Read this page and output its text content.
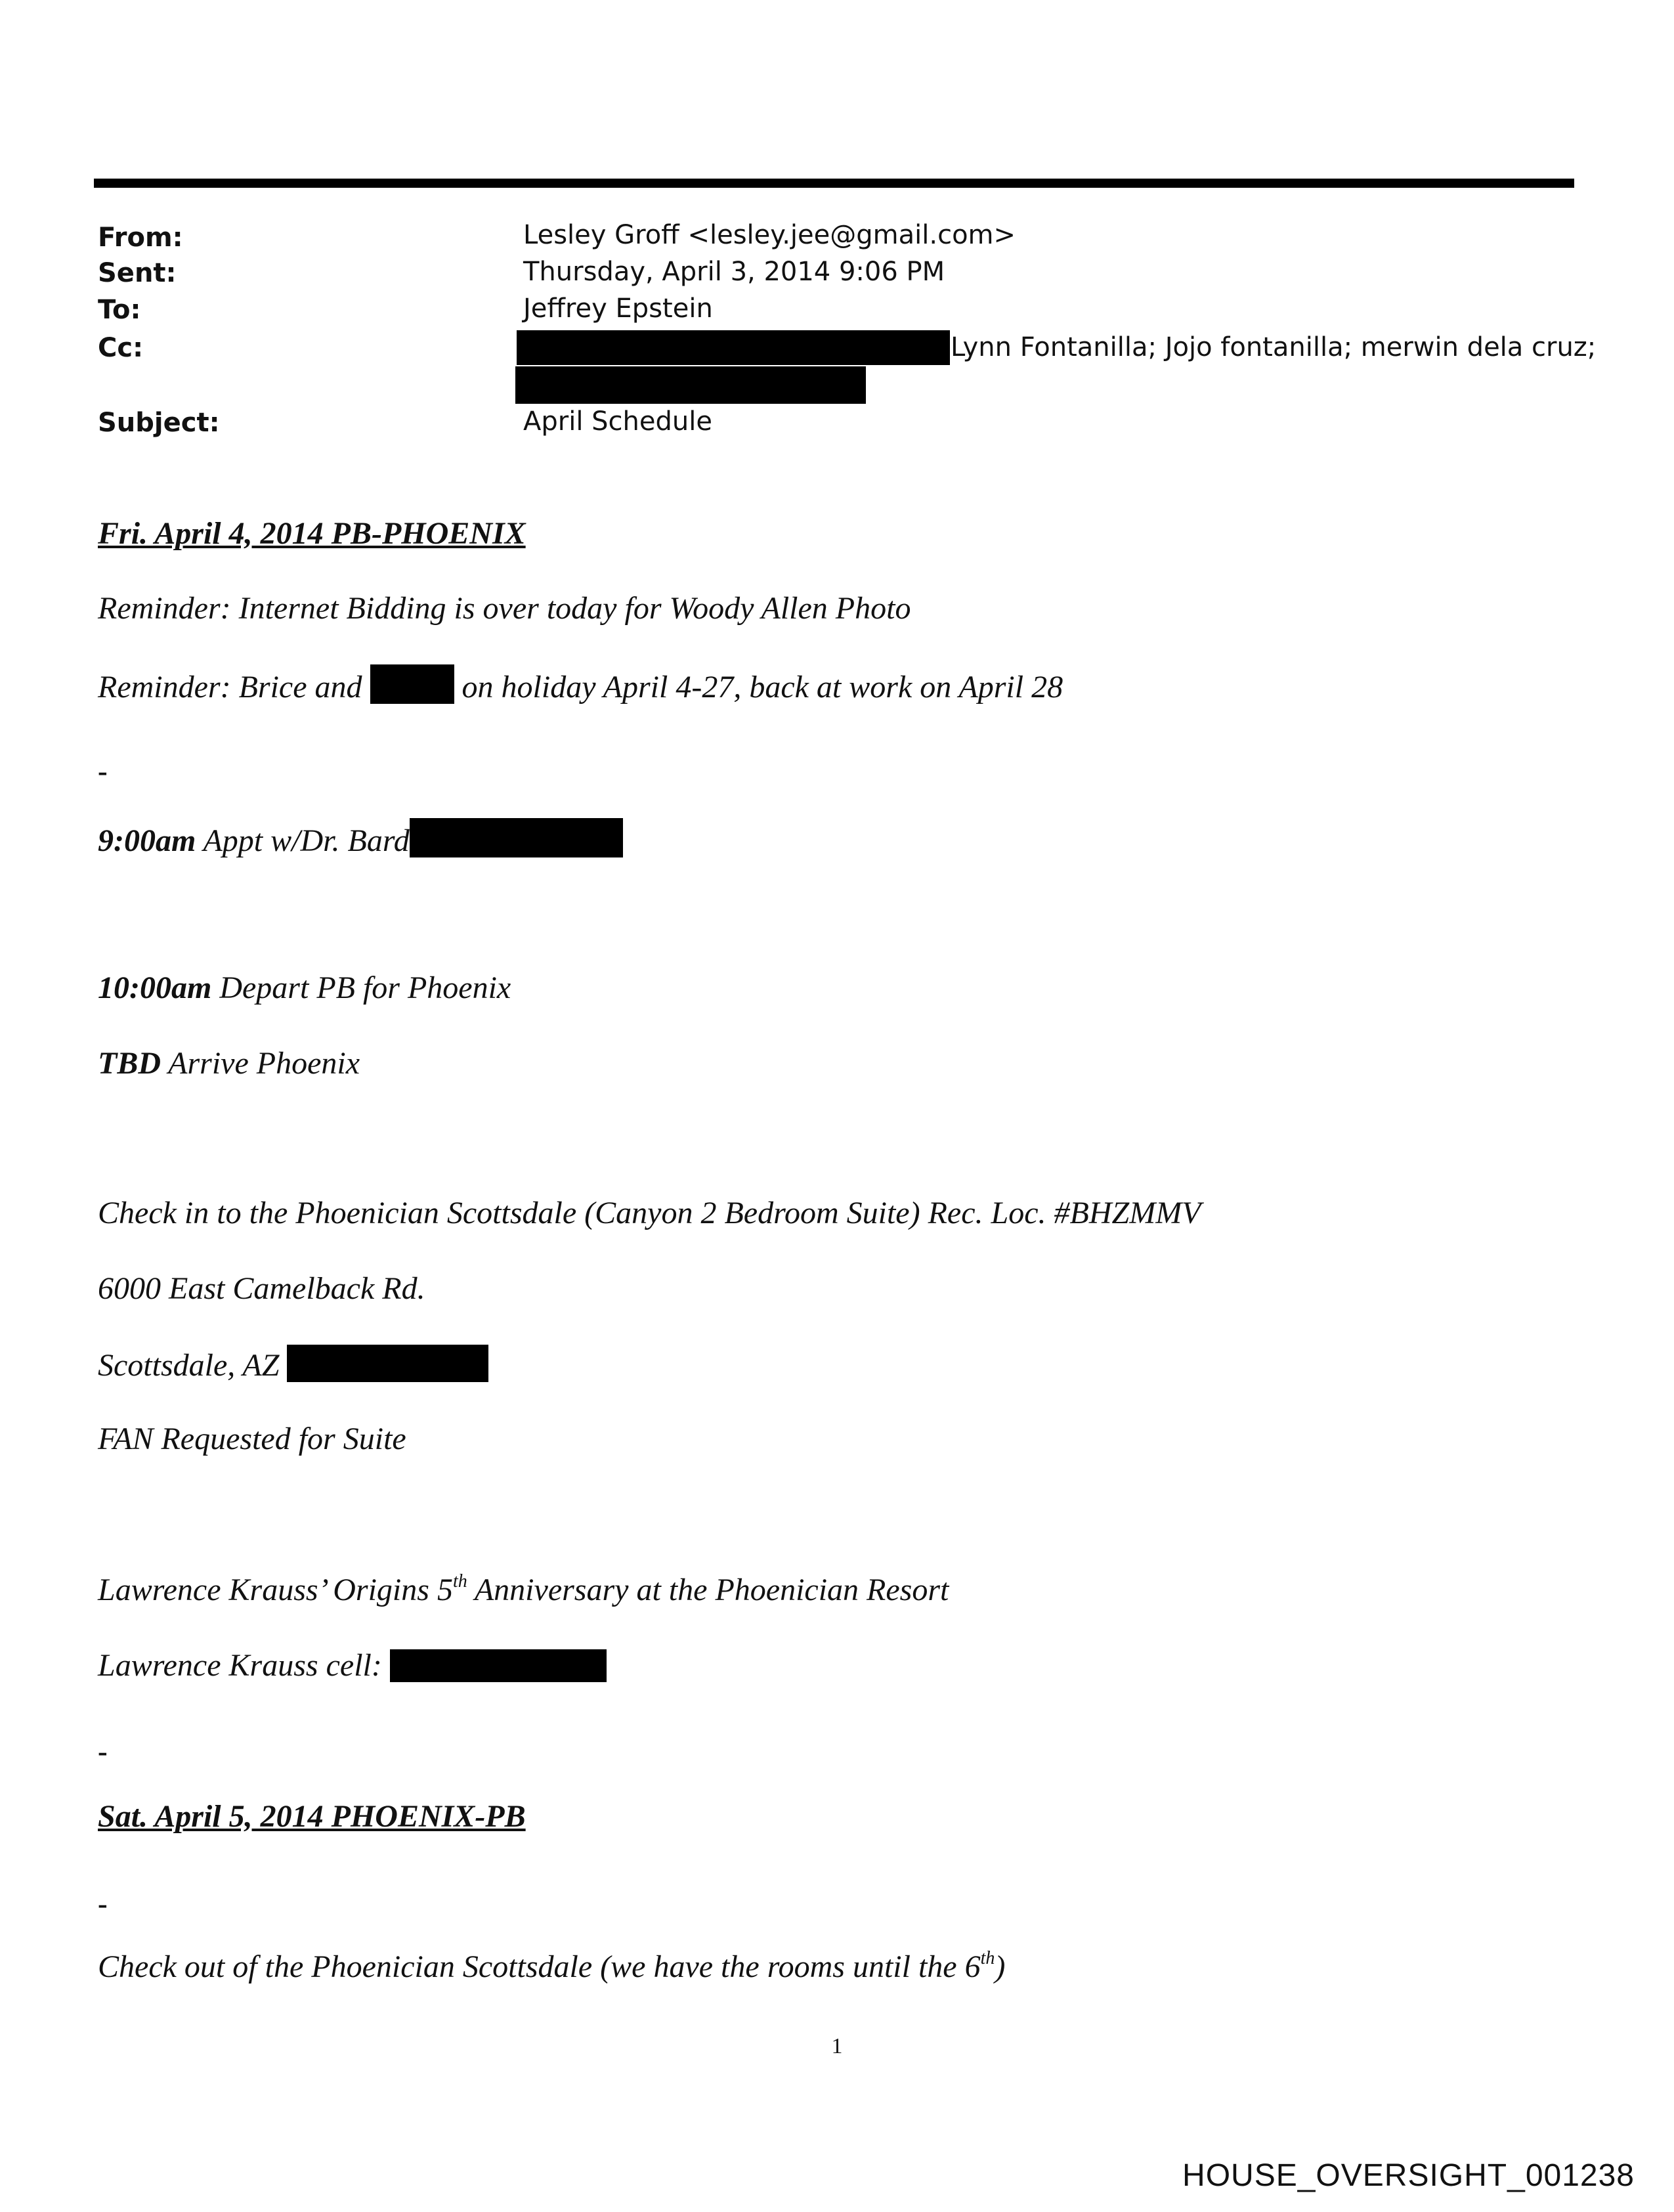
From:	Lesley Groff <lesley.jee@gmail.com>
Sent:	Thursday, April 3, 2014 9:06 PM
To:	Jeffrey Epstein
Cc:	Lynn Fontanilla; Jojo fontanilla; merwin dela cruz;
Subject:	April Schedule
Fri. April 4, 2014 PB-PHOENIX
Reminder: Internet Bidding is over today for Woody Allen Photo
Reminder: Brice and	on holiday April 4-27, back at work on April 28
-
9:00am Appt w/Dr. Bard
10:00am Depart PB for Phoenix
TBD Arrive Phoenix
Check in to the Phoenician Scottsdale (Canyon 2 Bedroom Suite) Rec. Loc. #BHZMMV
6000 East Camelback Rd.
Scottsdale, AZ
FAN Requested for Suite
Lawrence Krauss’ Origins 5th Anniversary at the Phoenician Resort
Lawrence Krauss cell:
-
Sat. April 5, 2014 PHOENIX-PB
-
Check out of the Phoenician Scottsdale (we have the rooms until the 6th)
1
HOUSE_OVERSIGHT_001238
